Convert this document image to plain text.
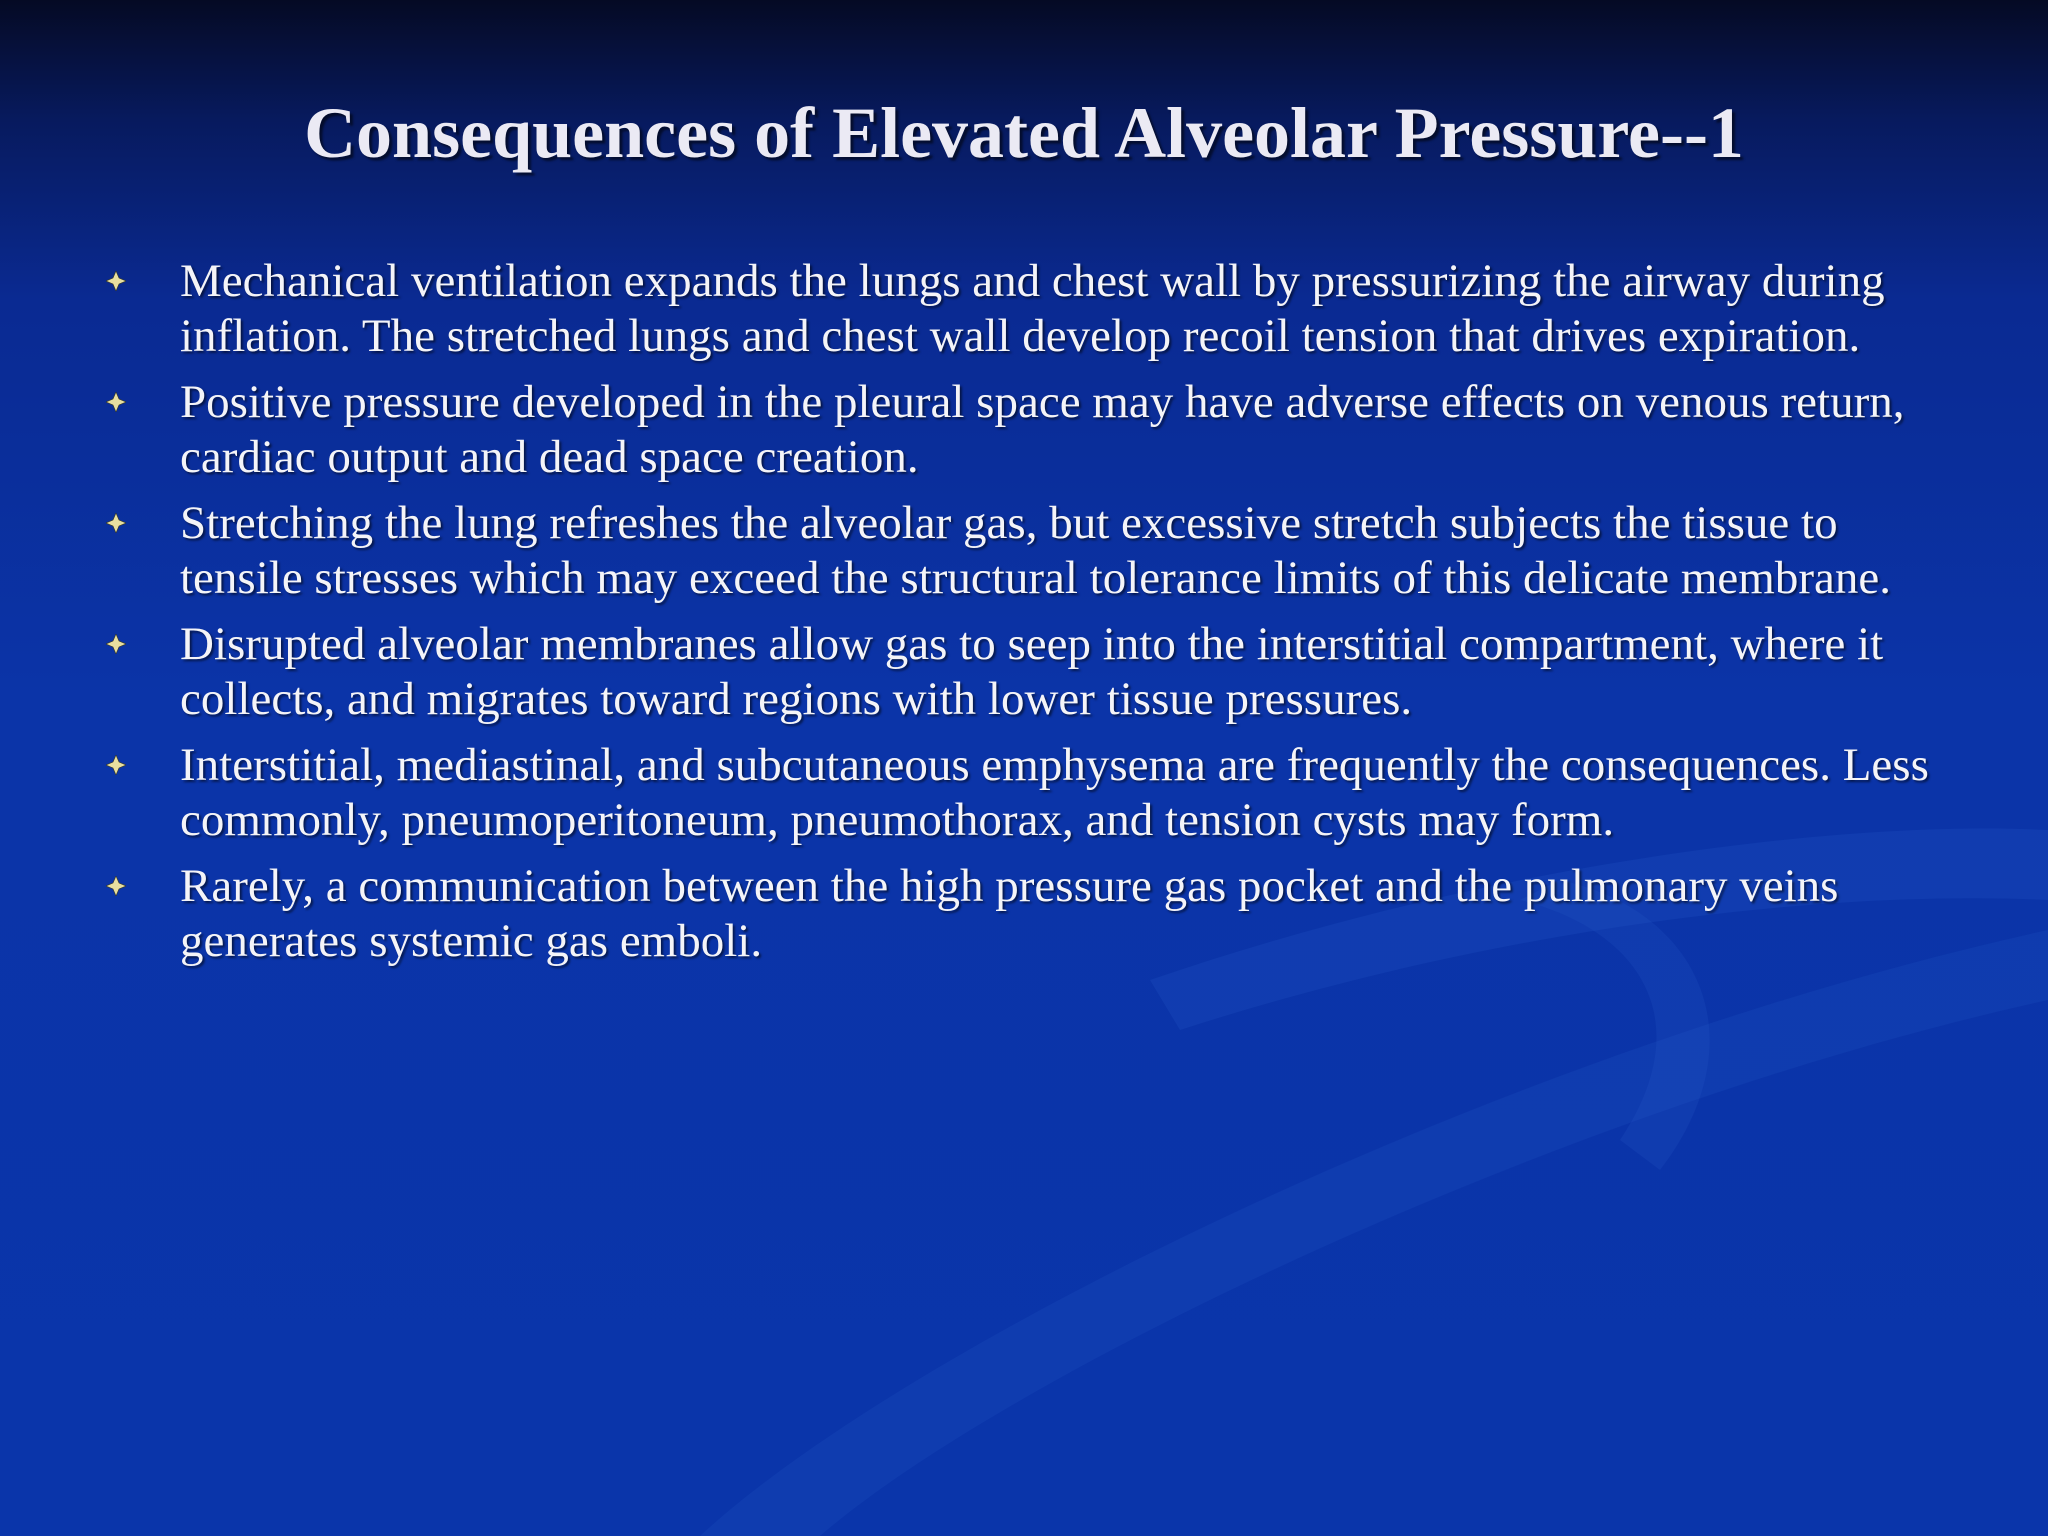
Consequences of Elevated Alveolar Pressure--1
Mechanical ventilation expands the lungs and chest wall by pressurizing the airway during inflation. The stretched lungs and chest wall develop recoil tension that drives expiration.
Positive pressure developed in the pleural space may have adverse effects on venous return, cardiac output and dead space creation.
Stretching the lung refreshes the alveolar gas, but excessive stretch subjects the tissue to tensile stresses which may exceed the structural tolerance limits of this delicate membrane.
Disrupted alveolar membranes allow gas to seep into the interstitial compartment, where it collects, and migrates toward regions with lower tissue pressures.
Interstitial, mediastinal, and subcutaneous emphysema are frequently the consequences. Less commonly, pneumoperitoneum, pneumothorax, and tension cysts may form.
Rarely, a communication between the high pressure gas pocket and the pulmonary veins generates systemic gas emboli.
